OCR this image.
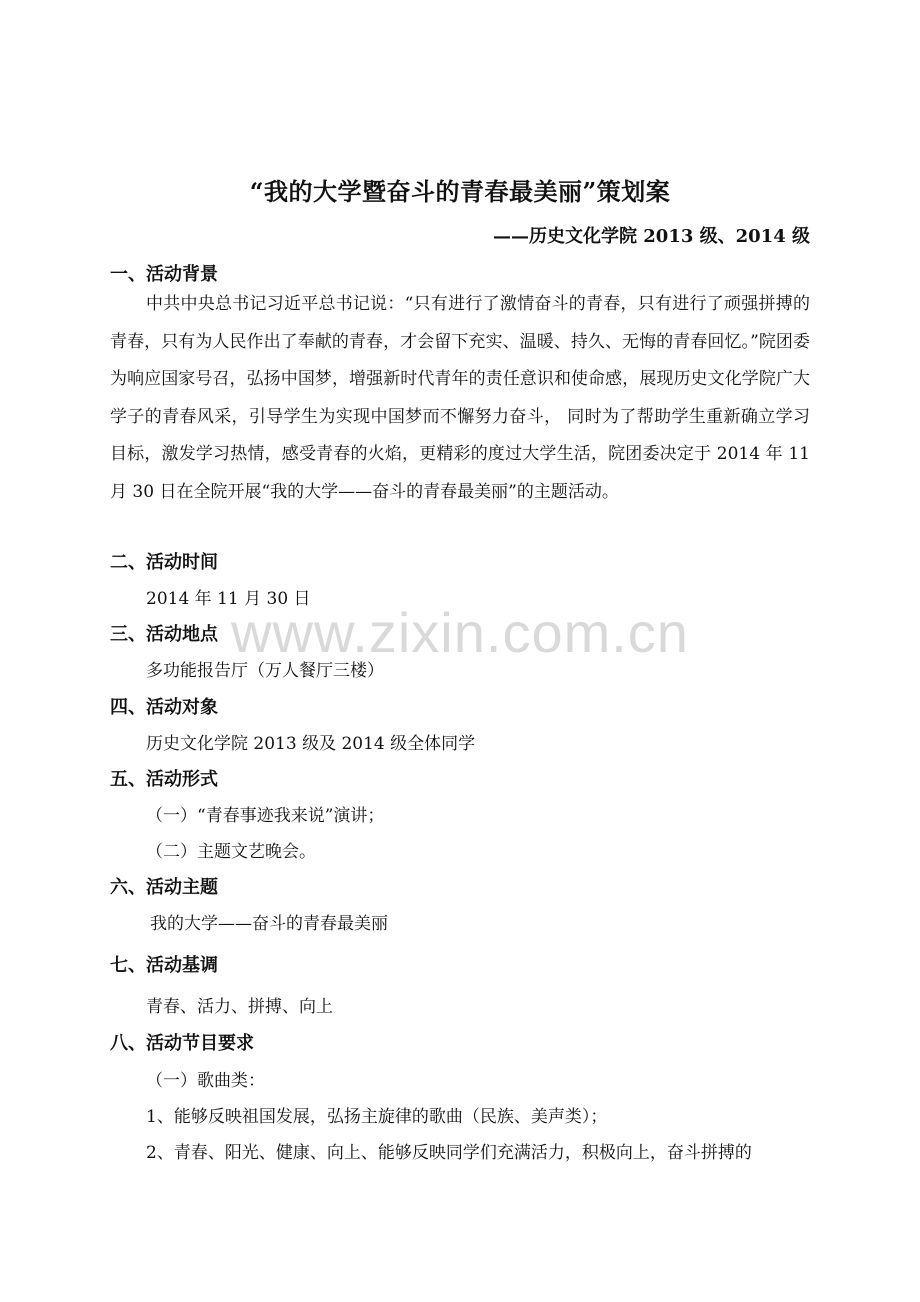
“我的大学暨奋斗的青春最美丽”策划案
——历史文化学院 2013 级、2014 级
一、活动背景
中共中央总书记习近平总书记说：“只有进行了激情奋斗的青春，只有进行了顽强拼搏的青春，只有为人民作出了奉献的青春，才会留下充实、温暖、持久、无悔的青春回忆。”院团委为响应国家号召，弘扬中国梦，增强新时代青年的责任意识和使命感，展现历史文化学院广大学子的青春风采，引导学生为实现中国梦而不懈努力奋斗， 同时为了帮助学生重新确立学习目标，激发学习热情，感受青春的火焰，更精彩的度过大学生活，院团委决定于 2014 年 11 月 30 日在全院开展“我的大学——奋斗的青春最美丽”的主题活动。
二、活动时间
2014 年 11 月 30 日
三、活动地点
多功能报告厅（万人餐厅三楼）
四、活动对象
历史文化学院 2013 级及 2014 级全体同学
五、活动形式
（一）“青春事迹我来说”演讲；
（二）主题文艺晚会。
六、活动主题
我的大学——奋斗的青春最美丽
七、活动基调
青春、活力、拼搏、向上
八、活动节目要求
（一）歌曲类：
1、能够反映祖国发展，弘扬主旋律的歌曲（民族、美声类）；
2、青春、阳光、健康、向上、能够反映同学们充满活力，积极向上，奋斗拼搏的
www.zixin.com.cn
